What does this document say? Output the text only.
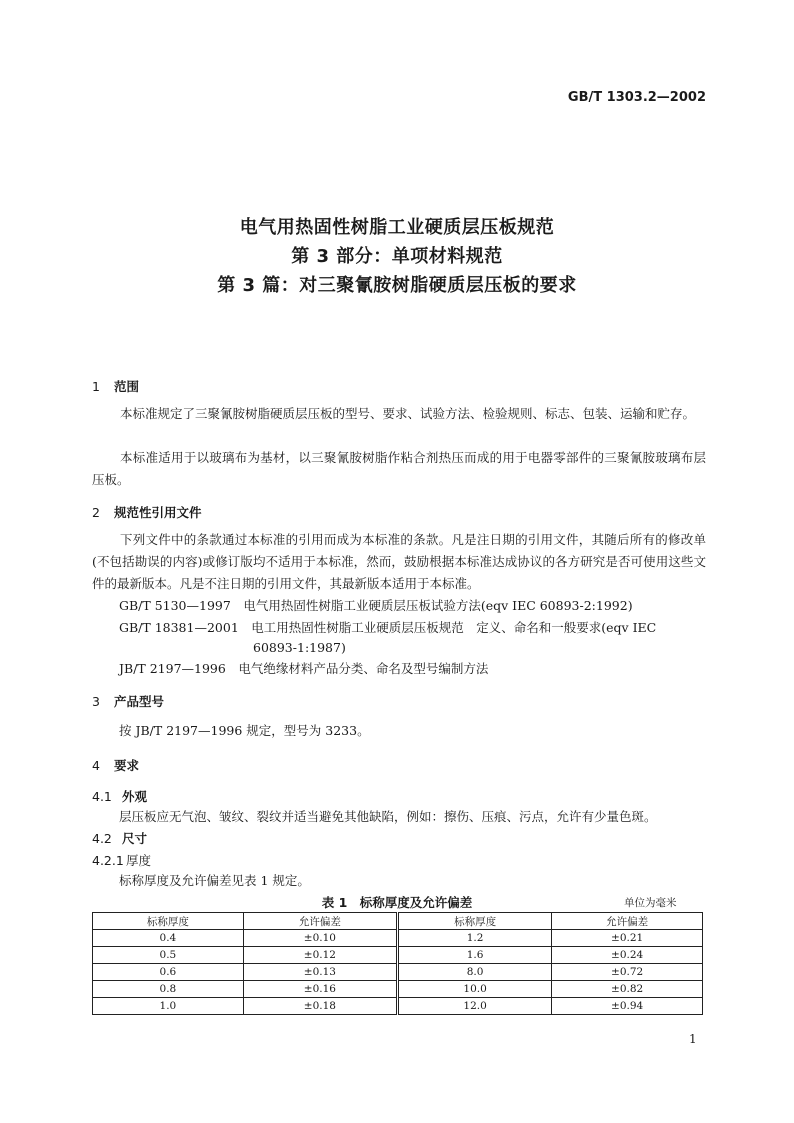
GB/T 1303.2—2002
电气用热固性树脂工业硬质层压板规范
第 3 部分：单项材料规范
第 3 篇：对三聚氰胺树脂硬质层压板的要求
1 范围
本标准规定了三聚氰胺树脂硬质层压板的型号、要求、试验方法、检验规则、标志、包装、运输和贮存。
本标准适用于以玻璃布为基材，以三聚氰胺树脂作粘合剂热压而成的用于电器零部件的三聚氰胺玻璃布层压板。
2 规范性引用文件
下列文件中的条款通过本标准的引用而成为本标准的条款。凡是注日期的引用文件，其随后所有的修改单(不包括勘误的内容)或修订版均不适用于本标准，然而，鼓励根据本标准达成协议的各方研究是否可使用这些文件的最新版本。凡是不注日期的引用文件，其最新版本适用于本标准。
GB/T 5130—1997　电气用热固性树脂工业硬质层压板试验方法(eqv IEC 60893-2:1992)
GB/T 18381—2001　电工用热固性树脂工业硬质层压板规范　定义、命名和一般要求(eqv IEC
60893-1:1987)
JB/T 2197—1996　电气绝缘材料产品分类、命名及型号编制方法
3 产品型号
按 JB/T 2197—1996 规定，型号为 3233。
4 要求
4.1 外观
层压板应无气泡、皱纹、裂纹并适当避免其他缺陷，例如：擦伤、压痕、污点，允许有少量色斑。
4.2 尺寸
4.2.1 厚度
标称厚度及允许偏差见表 1 规定。
表 1　标称厚度及允许偏差	单位为毫米
标称厚度	允许偏差	标称厚度	允许偏差
0.4	±0.10	1.2	±0.21
0.5	±0.12	1.6	±0.24
0.6	±0.13	8.0	±0.72
0.8	±0.16	10.0	±0.82
1.0	±0.18	12.0	±0.94
1
